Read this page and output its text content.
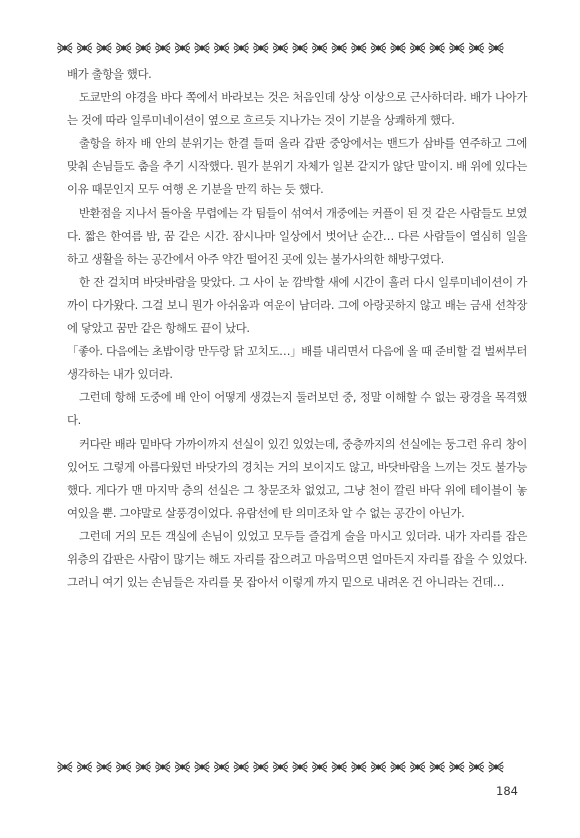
배가 출항을 했다.

도쿄만의 야경을 바다 쪽에서 바라보는 것은 처음인데 상상 이상으로 근사하더라. 배가 나아가는 것에 따라 일루미네이션이 옆으로 흐르듯 지나가는 것이 기분을 상쾌하게 했다.

출항을 하자 배 안의 분위기는 한결 들떠 올라 갑판 중앙에서는 밴드가 삼바를 연주하고 그에 맞춰 손님들도 춤을 추기 시작했다. 뭔가 분위기 자체가 일본 같지가 않단 말이지. 배 위에 있다는 이유 때문인지 모두 여행 온 기분을 만끽 하는 듯 했다.

반환점을 지나서 돌아올 무렵에는 각 팀들이 섞여서 개중에는 커플이 된 것 같은 사람들도 보였다. 짧은 한여름 밤, 꿈 같은 시간. 잠시나마 일상에서 벗어난 순간… 다른 사람들이 열심히 일을 하고 생활을 하는 공간에서 아주 약간 떨어진 곳에 있는 불가사의한 해방구였다.

한 잔 걸치며 바닷바람을 맞았다. 그 사이 눈 깜박할 새에 시간이 흘러 다시 일루미네이션이 가까이 다가왔다. 그걸 보니 뭔가 아쉬움과 여운이 남더라. 그에 아랑곳하지 않고 배는 금새 선착장에 닿았고 꿈만 같은 항해도 끝이 났다.

「좋아. 다음에는 초밥이랑 만두랑 닭 꼬치도…」배를 내리면서 다음에 올 때 준비할 걸 벌써부터 생각하는 내가 있더라.

그런데 항해 도중에 배 안이 어떻게 생겼는지 둘러보던 중, 정말 이해할 수 없는 광경을 목격했다.

커다란 배라 밑바닥 가까이까지 선실이 있긴 있었는데, 중층까지의 선실에는 둥그런 유리 창이 있어도 그렇게 아름다웠던 바닷가의 경치는 거의 보이지도 않고, 바닷바람을 느끼는 것도 불가능 했다. 게다가 맨 마지막 층의 선실은 그 창문조차 없었고, 그냥 천이 깔린 바닥 위에 테이블이 놓여있을 뿐. 그야말로 살풍경이었다. 유람선에 탄 의미조차 알 수 없는 공간이 아닌가.

그런데 거의 모든 객실에 손님이 있었고 모두들 즐겁게 술을 마시고 있더라. 내가 자리를 잡은 위층의 갑판은 사람이 많기는 해도 자리를 잡으려고 마음먹으면 얼마든지 자리를 잡을 수 있었다. 그러니 여기 있는 손님들은 자리를 못 잡아서 이렇게 까지 밑으로 내려온 건 아니라는 건데…

184
